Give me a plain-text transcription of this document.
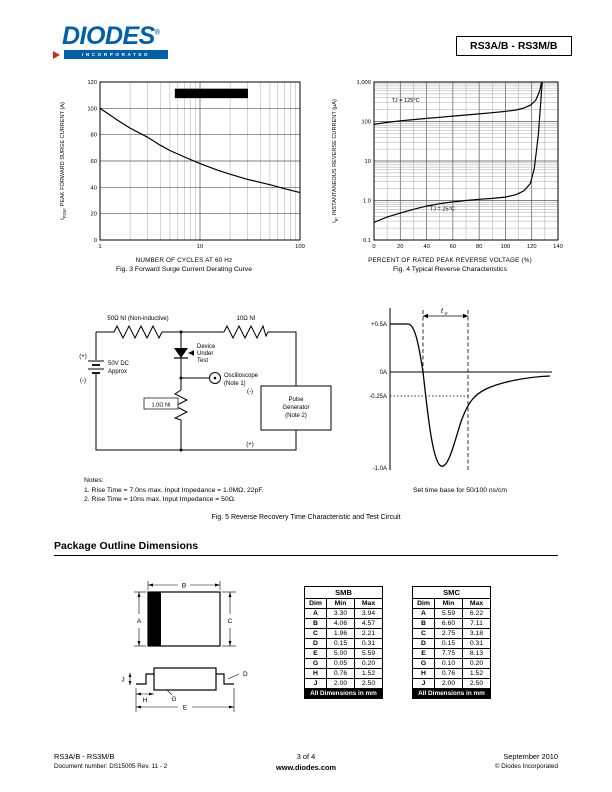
DIODES®
INCORPORATED
RS3A/B - RS3M/B
$I_{FSM}$, PEAK FORWARD SURGE CURRENT (A)
1	10	100
0
20
40
60
80
100
120
Single Half-Sine-Wave
NUMBER OF CYCLES AT 60 Hz
Fig. 3 Forward Surge Current Derating Curve
$I_R$, INSTANTANEOUS REVERSE CURRENT (µA)
0	20	40	60	80	100	120	140
0.1
1.0
10
100
1,000
TJ = 125°C
TJ = 25°C
PERCENT OF RATED PEAK REVERSE VOLTAGE (%)
Fig. 4 Typical Reverse Characteristics
50Ω NI (Non-inductive)	10Ω NI
(+)
(-)
50V DC
Approx
Device
Under
Test
1.0Ω NI
Oscilloscope
(Note 1)
Pulse
Generator
(Note 2)
(-)
(+)
t rr
+0.5A
0A
-0.25A
-1.0A
Set time base for 50/100 ns/cm
Notes:
1. Rise Time = 7.0ns max. Input Impedance = 1.0MΩ, 22pF.
2. Rise Time = 10ns max. Input Impedance = 50Ω.
Fig. 5 Reverse Recovery Time Characteristic and Test Circuit
Package Outline Dimensions
B
A	C
D
E
G
H
J
SMB		
Dim	Min	Max
A	3.30	3.94
B	4.06	4.57
C	1.96	2.21
D	0.15	0.31
E	5.00	5.59
G	0.05	0.20
H	0.76	1.52
J	2.00	2.50
All Dimensions in mm		
SMC		
Dim	Min	Max
A	5.59	6.22
B	6.60	7.11
C	2.75	3.18
D	0.15	0.31
E	7.75	8.13
G	0.10	0.20
H	0.76	1.52
J	2.00	2.50
All Dimensions in mm		
RS3A/B - RS3M/B
Document number: DS15005 Rev. 11 - 2
3 of 4
www.diodes.com
September 2010
© Diodes Incorporated
